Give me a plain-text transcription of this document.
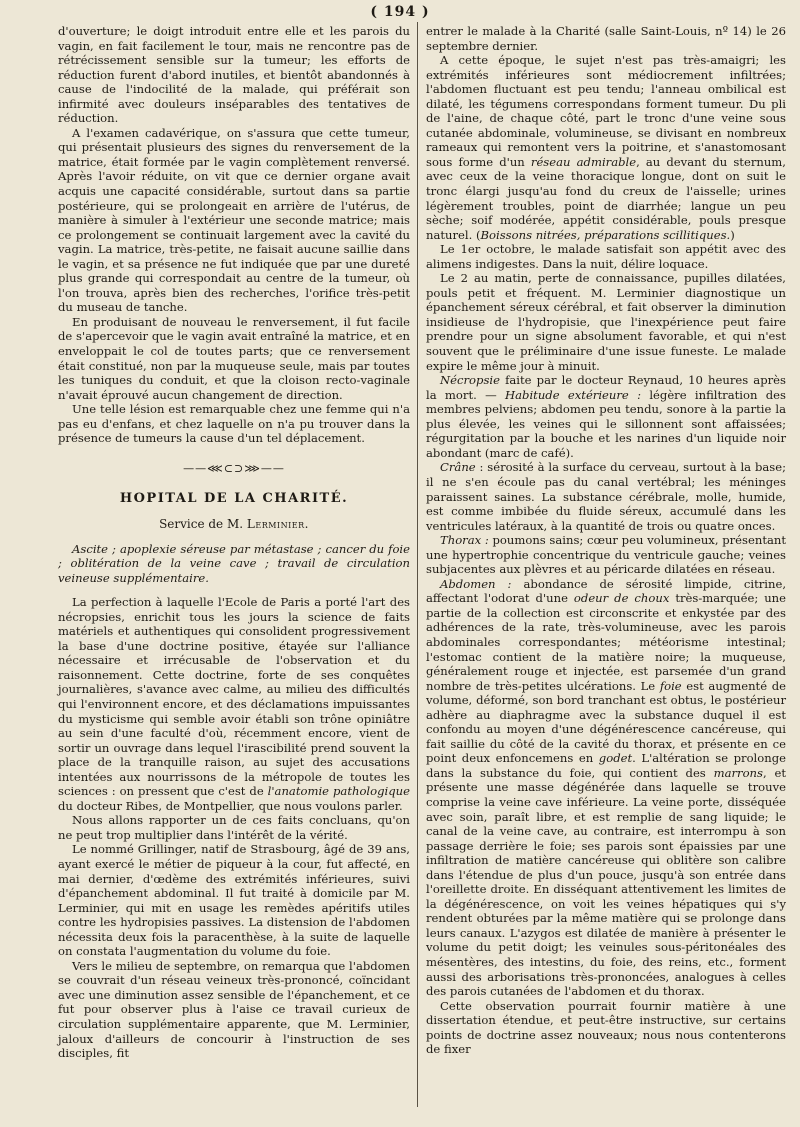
( 194 )

d'ouverture; le doigt introduit entre elle et les parois du vagin, en fait facilement le tour, mais ne rencontre pas de rétrécissement sensible sur la tumeur; les efforts de réduction furent d'abord inutiles, et bientôt abandonnés à cause de l'indocilité de la malade, qui préférait son infirmité avec douleurs inséparables des tentatives de réduction.

A l'examen cadavérique, on s'assura que cette tumeur, qui présentait plusieurs des signes du renversement de la matrice, était formée par le vagin complètement renversé. Après l'avoir réduite, on vit que ce dernier organe avait acquis une capacité considérable, surtout dans sa partie postérieure, qui se prolongeait en arrière de l'utérus, de manière à simuler à l'extérieur une seconde matrice; mais ce prolongement se continuait largement avec la cavité du vagin. La matrice, très-petite, ne faisait aucune saillie dans le vagin, et sa présence ne fut indiquée que par une dureté plus grande qui correspondait au centre de la tumeur, où l'on trouva, après bien des recherches, l'orifice très-petit du museau de tanche.

En produisant de nouveau le renversement, il fut facile de s'apercevoir que le vagin avait entraîné la matrice, et en enveloppait le col de toutes parts; que ce renversement était constitué, non par la muqueuse seule, mais par toutes les tuniques du conduit, et que la cloison recto-vaginale n'avait éprouvé aucun changement de direction.

Une telle lésion est remarquable chez une femme qui n'a pas eu d'enfans, et chez laquelle on n'a pu trouver dans la présence de tumeurs la cause d'un tel déplacement.

——⋘⊂⊃⋙——
HOPITAL DE LA CHARITÉ.
Service de M. Lerminier.

Ascite ; apoplexie séreuse par métastase ; cancer du foie ; oblitération de la veine cave ; travail de circulation veineuse supplémentaire.

La perfection à laquelle l'Ecole de Paris a porté l'art des nécropsies, enrichit tous les jours la science de faits matériels et authentiques qui consolident progressivement la base d'une doctrine positive, étayée sur l'alliance nécessaire et irrécusable de l'observation et du raisonnement. Cette doctrine, forte de ses conquêtes journalières, s'avance avec calme, au milieu des difficultés qui l'environnent encore, et des déclamations impuissantes du mysticisme qui semble avoir établi son trône opiniâtre au sein d'une faculté d'où, récemment encore, vient de sortir un ouvrage dans lequel l'irascibilité prend souvent la place de la tranquille raison, au sujet des accusations intentées aux nourrissons de la métropole de toutes les sciences : on pressent que c'est de l'anatomie pathologique du docteur Ribes, de Montpellier, que nous voulons parler.

Nous allons rapporter un de ces faits concluans, qu'on ne peut trop multiplier dans l'intérêt de la vérité.

Le nommé Grillinger, natif de Strasbourg, âgé de 39 ans, ayant exercé le métier de piqueur à la cour, fut affecté, en mai dernier, d'œdème des extrémités inférieures, suivi d'épanchement abdominal. Il fut traité à domicile par M. Lerminier, qui mit en usage les remèdes apéritifs utiles contre les hydropisies passives. La distension de l'abdomen nécessita deux fois la paracenthèse, à la suite de laquelle on constata l'augmentation du volume du foie.

Vers le milieu de septembre, on remarqua que l'abdomen se couvrait d'un réseau veineux très-prononcé, coïncidant avec une diminution assez sensible de l'épanchement, et ce fut pour observer plus à l'aise ce travail curieux de circulation supplémentaire apparente, que M. Lerminier, jaloux d'ailleurs de concourir à l'instruction de ses disciples, fit

entrer le malade à la Charité (salle Saint-Louis, nº 14) le 26 septembre dernier.

A cette époque, le sujet n'est pas très-amaigri; les extrémités inférieures sont médiocrement infiltrées; l'abdomen fluctuant est peu tendu; l'anneau ombilical est dilaté, les tégumens correspondans forment tumeur. Du pli de l'aine, de chaque côté, part le tronc d'une veine sous cutanée abdominale, volumineuse, se divisant en nombreux rameaux qui remontent vers la poitrine, et s'anastomosant sous forme d'un réseau admirable, au devant du sternum, avec ceux de la veine thoracique longue, dont on suit le tronc élargi jusqu'au fond du creux de l'aisselle; urines légèrement troubles, point de diarrhée; langue un peu sèche; soif modérée, appétit considérable, pouls presque naturel. (Boissons nitrées, préparations scillitiques.)

Le 1er octobre, le malade satisfait son appétit avec des alimens indigestes. Dans la nuit, délire loquace.

Le 2 au matin, perte de connaissance, pupilles dilatées, pouls petit et fréquent. M. Lerminier diagnostique un épanchement séreux cérébral, et fait observer la diminution insidieuse de l'hydropisie, que l'inexpérience peut faire prendre pour un signe absolument favorable, et qui n'est souvent que le préliminaire d'une issue funeste. Le malade expire le même jour à minuit.

Nécropsie faite par le docteur Reynaud, 10 heures après la mort. — Habitude extérieure : légère infiltration des membres pelviens; abdomen peu tendu, sonore à la partie la plus élevée, les veines qui le sillonnent sont affaissées; régurgitation par la bouche et les narines d'un liquide noir abondant (marc de café).

Crâne : sérosité à la surface du cerveau, surtout à la base; il ne s'en écoule pas du canal vertébral; les méninges paraissent saines. La substance cérébrale, molle, humide, est comme imbibée du fluide séreux, accumulé dans les ventricules latéraux, à la quantité de trois ou quatre onces.

Thorax : poumons sains; cœur peu volumineux, présentant une hypertrophie concentrique du ventricule gauche; veines subjacentes aux plèvres et au péricarde dilatées en réseau.

Abdomen : abondance de sérosité limpide, citrine, affectant l'odorat d'une odeur de choux très-marquée; une partie de la collection est circonscrite et enkystée par des adhérences de la rate, très-volumineuse, avec les parois abdominales correspondantes; météorisme intestinal; l'estomac contient de la matière noire; la muqueuse, généralement rouge et injectée, est parsemée d'un grand nombre de très-petites ulcérations. Le foie est augmenté de volume, déformé, son bord tranchant est obtus, le postérieur adhère au diaphragme avec la substance duquel il est confondu au moyen d'une dégénérescence cancéreuse, qui fait saillie du côté de la cavité du thorax, et présente en ce point deux enfoncemens en godet. L'altération se prolonge dans la substance du foie, qui contient des marrons, et présente une masse dégénérée dans laquelle se trouve comprise la veine cave inférieure. La veine porte, disséquée avec soin, paraît libre, et est remplie de sang liquide; le canal de la veine cave, au contraire, est interrompu à son passage derrière le foie; ses parois sont épaissies par une infiltration de matière cancéreuse qui oblitère son calibre dans l'étendue de plus d'un pouce, jusqu'à son entrée dans l'oreillette droite. En disséquant attentivement les limites de la dégénérescence, on voit les veines hépatiques qui s'y rendent obturées par la même matière qui se prolonge dans leurs canaux. L'azygos est dilatée de manière à présenter le volume du petit doigt; les veinules sous-péritonéales des mésentères, des intestins, du foie, des reins, etc., forment aussi des arborisations très-prononcées, analogues à celles des parois cutanées de l'abdomen et du thorax.

Cette observation pourrait fournir matière à une dissertation étendue, et peut-être instructive, sur certains points de doctrine assez nouveaux; nous nous contenterons de fixer
